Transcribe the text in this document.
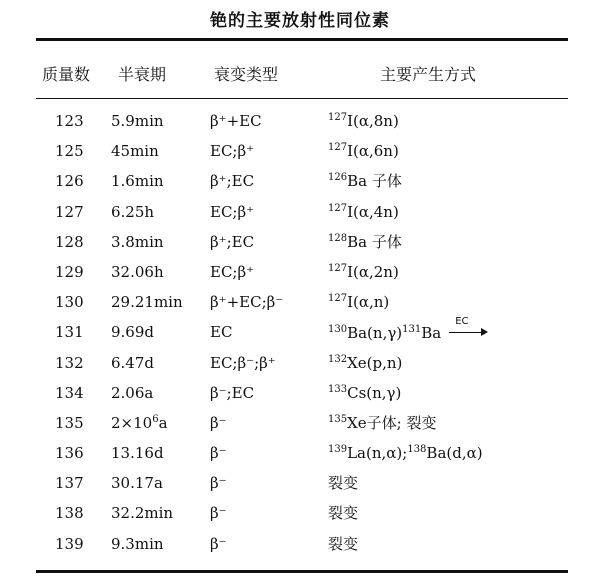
铯的主要放射性同位素
质量数 半衰期	衰变类型	主要产生方式
123 5.9min	β⁺+EC	$^{127}$I(α,8n)
125 45min	EC;β⁺	$^{127}$I(α,6n)
126 1.6min	β⁺;EC	$^{126}$Ba 子体
127 6.25h	EC;β⁺	$^{127}$I(α,4n)
128 3.8min	β⁺;EC	$^{128}$Ba 子体
129 32.06h	EC;β⁺	$^{127}$I(α,2n)
130 29.21min β⁺+EC;β⁻	$^{127}$I(α,n)
131 9.69d	EC	$^{130}Ba(n,\gamma)^{131}Ba$
EC
132 6.47d	EC;β⁻;β⁺	$^{132}$Xe(p,n)
134 2.06a	β⁻;EC	$^{133}$Cs(n,γ)
135 $2\times 10^6a$	β⁻	$^{135}$Xe子体; 裂变
136 13.16d	β⁻	$^{139}$La(n,α);$^{138}$Ba(d,α)
137 30.17a	β⁻	裂变
138 32.2min β⁻	裂变
139 9.3min	β⁻	裂变
